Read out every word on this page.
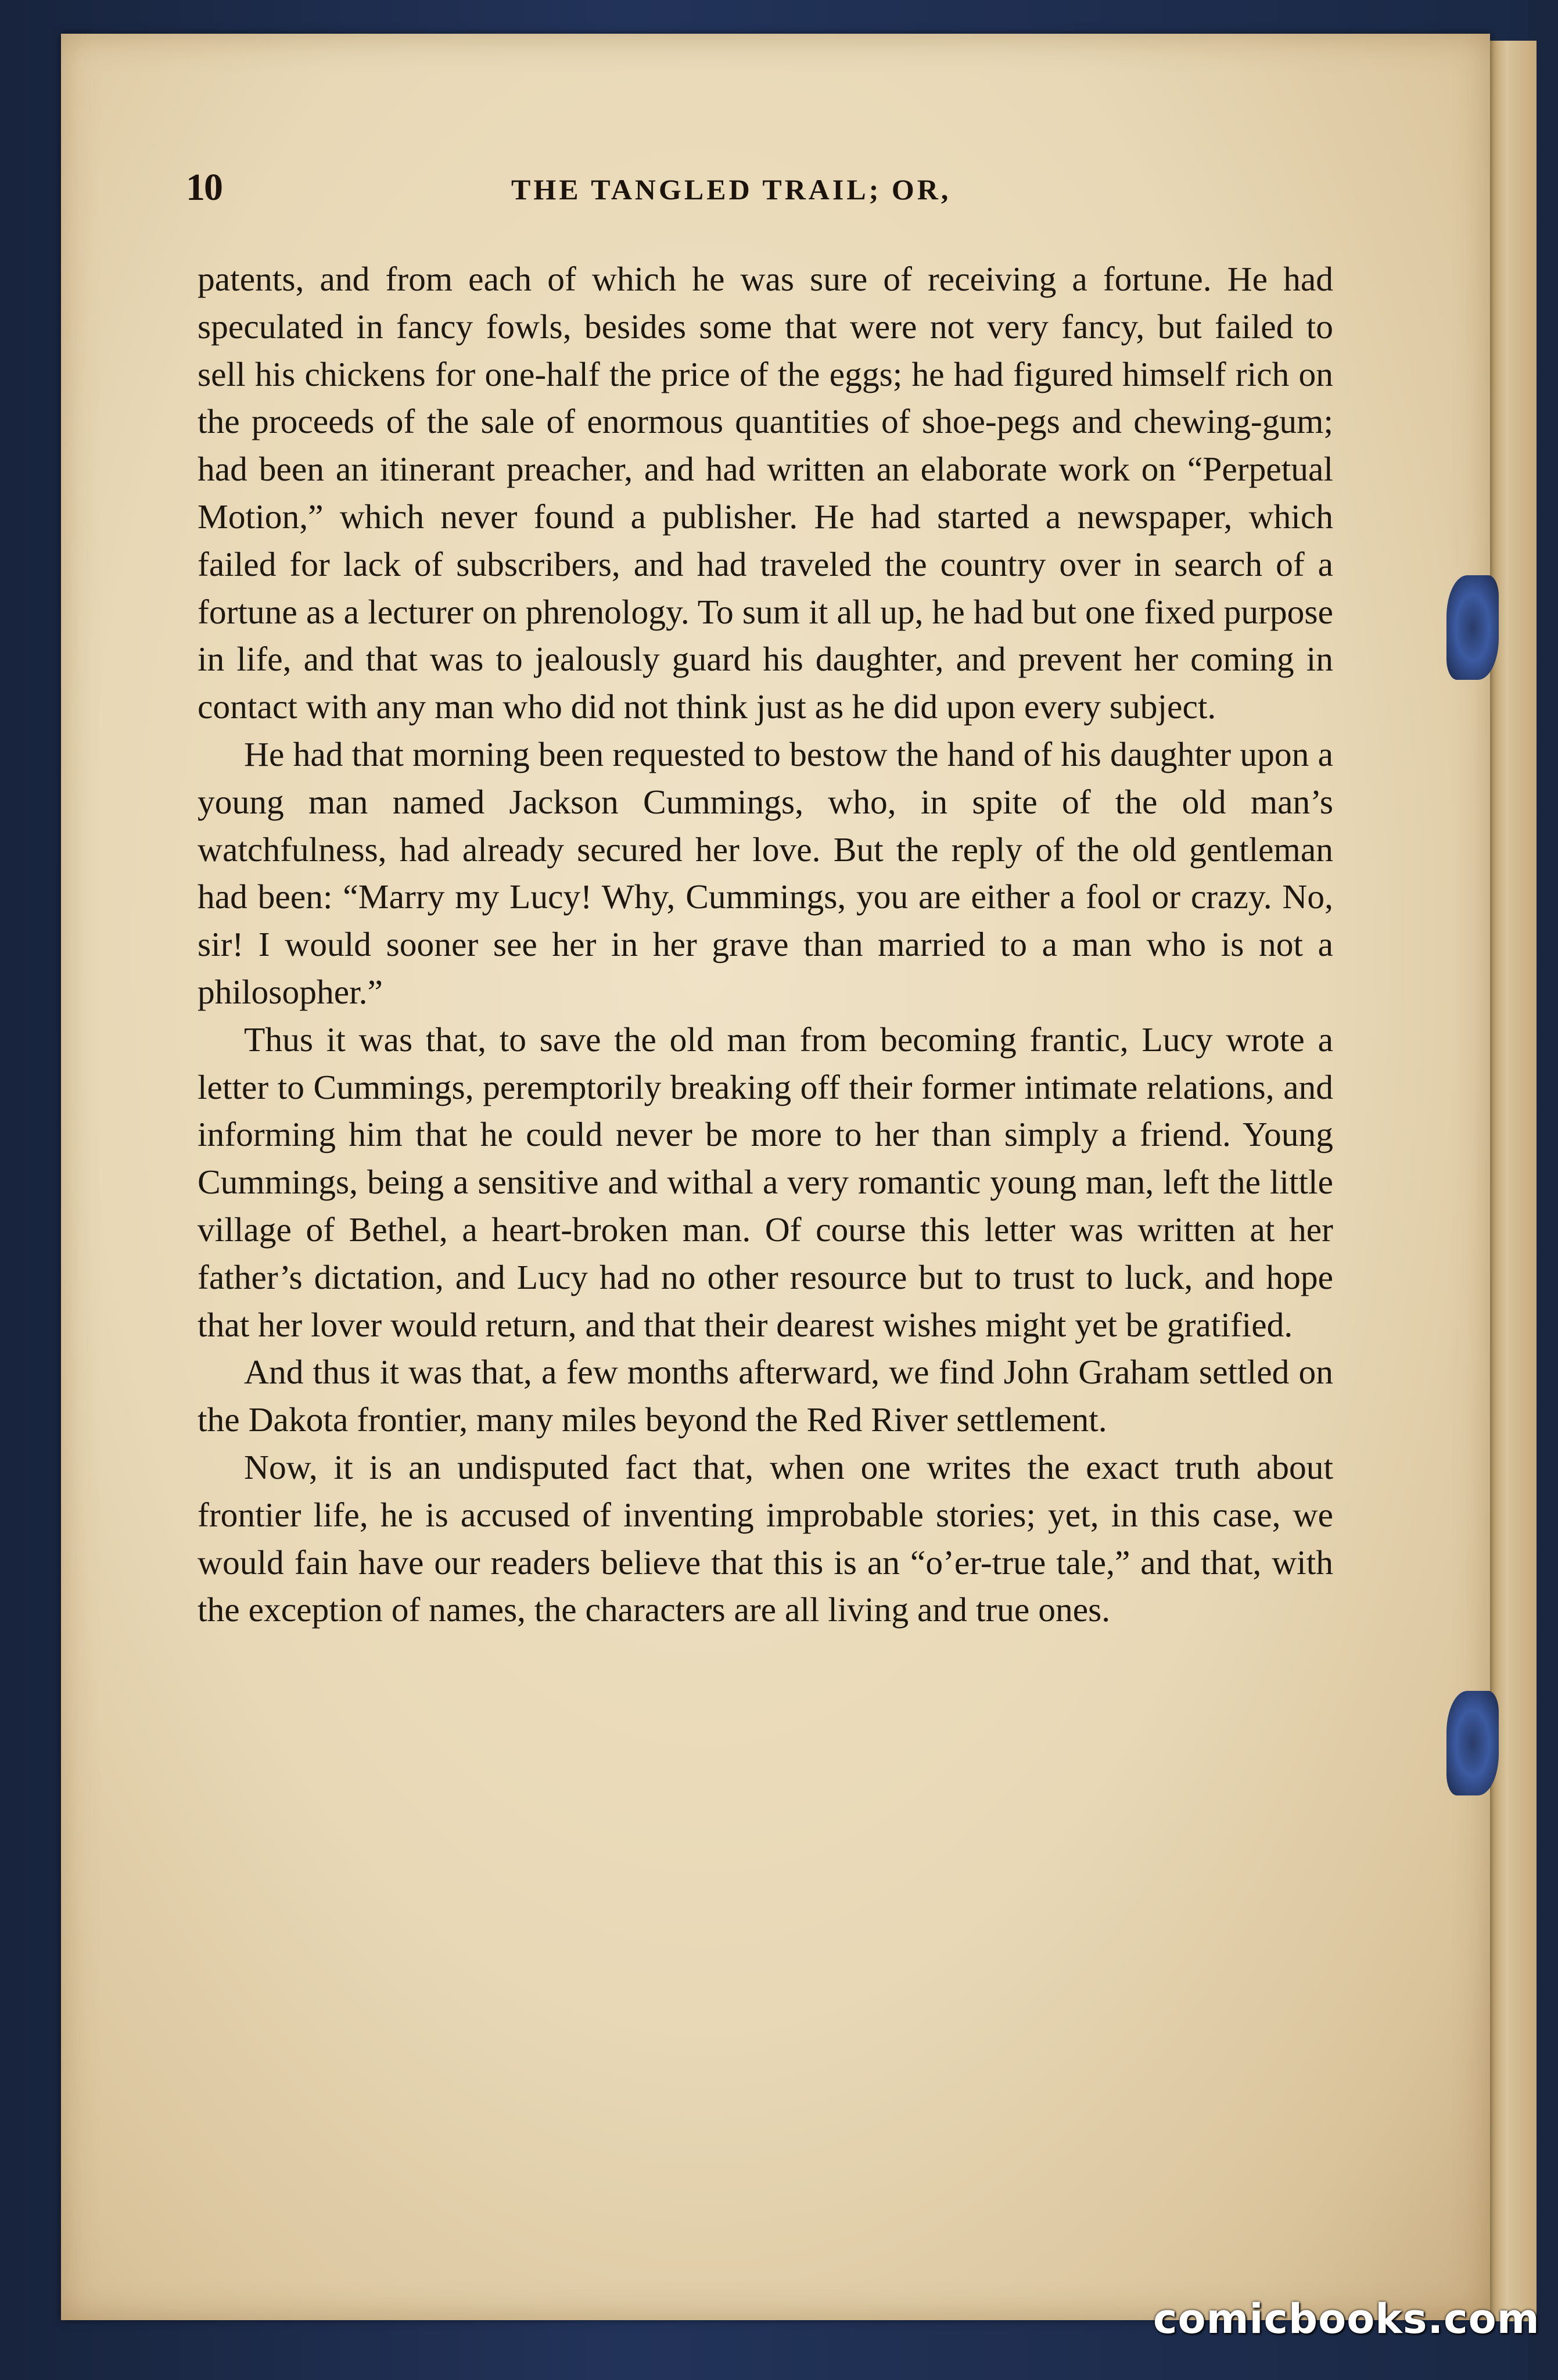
10	THE TANGLED TRAIL; OR,

patents, and from each of which he was sure of receiving a fortune. He had speculated in fancy fowls, besides some that were not very fancy, but failed to sell his chickens for one-half the price of the eggs; he had figured himself rich on the proceeds of the sale of enormous quantities of shoe-pegs and chewing-gum; had been an itinerant preacher, and had written an elaborate work on “Perpetual Motion,” which never found a publisher. He had started a newspaper, which failed for lack of subscribers, and had traveled the country over in search of a fortune as a lecturer on phrenology. To sum it all up, he had but one fixed purpose in life, and that was to jealously guard his daughter, and prevent her coming in contact with any man who did not think just as he did upon every subject.

He had that morning been requested to bestow the hand of his daughter upon a young man named Jackson Cummings, who, in spite of the old man’s watchfulness, had already secured her love. But the reply of the old gentleman had been: “Marry my Lucy! Why, Cummings, you are either a fool or crazy. No, sir! I would sooner see her in her grave than married to a man who is not a philosopher.”

Thus it was that, to save the old man from becoming frantic, Lucy wrote a letter to Cummings, peremptorily breaking off their former intimate relations, and informing him that he could never be more to her than simply a friend. Young Cummings, being a sensitive and withal a very romantic young man, left the little village of Bethel, a heart-broken man. Of course this letter was written at her father’s dictation, and Lucy had no other resource but to trust to luck, and hope that her lover would return, and that their dearest wishes might yet be gratified.

And thus it was that, a few months afterward, we find John Graham settled on the Dakota frontier, many miles beyond the Red River settlement.

Now, it is an undisputed fact that, when one writes the exact truth about frontier life, he is accused of inventing improbable stories; yet, in this case, we would fain have our readers believe that this is an “o’er-true tale,” and that, with the exception of names, the characters are all living and true ones.

comicbooks.com
